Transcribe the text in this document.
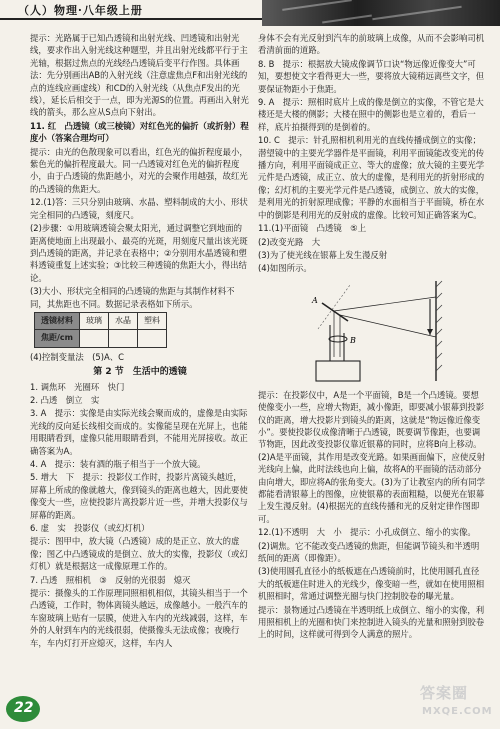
（人）物理·八年级上册

提示：光路属于已知凸透镜和出射光线、凹透镜和出射光线，要求作出入射光线这种题型，并且出射光线都平行于主光轴，根据过焦点的光线经凸透镜后变平行作图。具体画法：先分别画出AB的入射光线（注意虚焦点F和出射光线的点的连线应画虚线）和CD的入射光线（从焦点F发出的光线），延长后相交于一点，即为光源S的位置。再画出入射光线的箭头，那么应从S点向下射出。

11. 红　凸透镜（或三棱镜）对红色光的偏折（或折射）程度小（答案合理均可）

提示：由光的色散现象可以看出，红色光的偏折程度最小，紫色光的偏折程度最大。同一凸透镜对红色光的偏折程度小，由于凸透镜的焦距越小，对光的会聚作用越强，故红光的凸透镜的焦距大。

12.(1)答：三只分别由玻璃、水晶、塑料制成的大小、形状完全相同的凸透镜，刻度尺。

(2)步骤：①用玻璃透镜会聚太阳光，通过调整它到地面的距离使地面上出现最小、最亮的光斑，用刻度尺量出该光斑到凸透镜的距离，并记录在表格中；②分别用水晶透镜和塑料透镜重复上述实验；③比较三种透镜的焦距大小，得出结论。

(3)大小、形状完全相同的凸透镜的焦距与其制作材料不同，其焦距也不同。数据记录表格如下所示。

透镜材料	玻璃	水晶	塑料
焦距/cm			

(4)控制变量法　(5)A、C

第 2 节　生活中的透镜

1. 调焦环　光圈环　快门

2. 凸透　倒立　实

3. A　提示：实像是由实际光线会聚而成的，虚像是由实际光线的反向延长线相交而成的。实像能呈现在光屏上，也能用眼睛看到，虚像只能用眼睛看到，不能用光屏接收。故正确答案为A。

4. A　提示：装有酒的瓶子相当于一个放大镜。

5. 增大　下　提示：投影仪工作时，投影片离镜头越近，屏幕上所成的像就越大，像到镜头的距离也越大，因此要使像变大一些，应使投影片离投影片近一些，并增大投影仪与屏幕的距离。

6. 虚　实　投影仪（或幻灯机）

提示：图甲中，放大镜（凸透镜）成的是正立、放大的虚像；图乙中凸透镜成的是倒立、放大的实像，投影仪（或幻灯机）就是根据这一成像原理工作的。

7. 凸透　照相机　③　反射的光很弱　熄灭

提示：摄像头的工作原理同照相机相似，其镜头相当于一个凸透镜，工作时，物体离镜头越远，成像越小。一般汽车的车窗玻璃上贴有一层膜，使进入车内的光线减弱，这样，车外的人射到车内的光线很弱，使摄像头无法成像；夜晚行车，车内灯打开应熄灭，这样，车内人

身体不会有光反射到汽车的前玻璃上成像，从而不会影响司机看清前面的道路。

8. B　提示：根据放大镜成像调节口诀“物远像近像变大”可知，要想使文字看得更大一些，要将放大镜稍远离些文字，但要保证物距小于焦距。

9. A　提示：照相时底片上成的像是倒立的实像，不管它是大楼还是大楼的侧影；大楼在照中的侧影也是立着的，看后一样，底片拍摄得到的是倒着的。

10. C　提示：针孔照相机利用光的直线传播成倒立的实像；潜望镜中的主要光学器件是平面镜，利用平面镜能改变光的传播方向，利用平面镜成正立、等大的虚像；放大镜的主要光学元件是凸透镜，成正立、放大的虚像，是利用光的折射形成的像；幻灯机的主要光学元件是凸透镜，成倒立、放大的实像，是利用光的折射原理成像；平静的水面相当于平面镜，桥在水中的倒影是利用光的反射成的虚像。比较可知正确答案为C。

11.(1)平面镜　凸透镜　⑤上

(2)改变光路　大

(3)为了使光线在银幕上发生漫反射

(4)如图所示。

A
B

提示：在投影仪中，A是一个平面镜，B是一个凸透镜。要想使像变小一些，应增大物距，减小像距，即要减小银幕到投影仪的距离，增大投影片到镜头的距离，这就是“物远像近像变小”。要使投影仪成像清晰于凸透镜，既要调节像距，也要调节物距，因此改变投影仪靠近银幕的同时，应将B向上移动。(2)A是平面镜，其作用是改变光路。如果画面偏下，应使反射光线向上偏，此时法线也向上偏，故将A的平面镜的活动部分由向增大，即应将A的张角变大。(3)为了让教室内的所有同学都能看清银幕上的图像，应使银幕的表面粗糙，以便光在银幕上发生漫反射。(4)根据光的直线传播和光的反射定律作图即可。

12.(1)不透明　大　小　提示：小孔成倒立、缩小的实像。

(2)调焦。它不能改变凸透镜的焦距，但能调节镜头和半透明纸间的距离（即像距）。

(3)使用圆孔直径小的纸板遮在凸透镜前时，比使用圆孔直径大的纸板遮住时进入的光线少，像变暗一些，就如在使用照相机照相时，常通过调整光圈与快门控制胶卷的曝光量。

提示：景物通过凸透镜在半透明纸上成倒立、缩小的实像，利用照相机上的光圈和快门来控制进入镜头的光量和照射到胶卷上的时间，这样就可得到令人满意的照片。

22
答案圈
MXQE.COM
